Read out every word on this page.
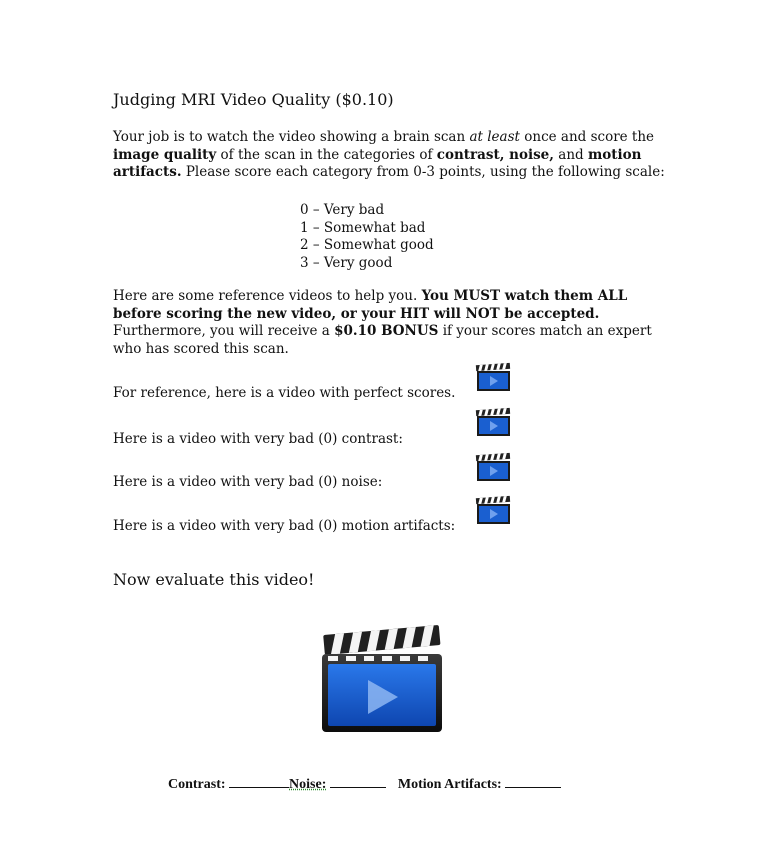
Judging MRI Video Quality ($0.10)
Your job is to watch the video showing a brain scan at least once and score the image quality of the scan in the categories of contrast, noise, and motion artifacts. Please score each category from 0-3 points, using the following scale:
0 – Very bad
1 – Somewhat bad
2 – Somewhat good
3 – Very good
Here are some reference videos to help you. You MUST watch them ALL before scoring the new video, or your HIT will NOT be accepted. Furthermore, you will receive a $0.10 BONUS if your scores match an expert who has scored this scan.
For reference, here is a video with perfect scores.
Here is a video with very bad (0) contrast:
Here is a video with very bad (0) noise:
Here is a video with very bad (0) motion artifacts:
Now evaluate this video!
Contrast:	Noise:	Motion Artifacts:
